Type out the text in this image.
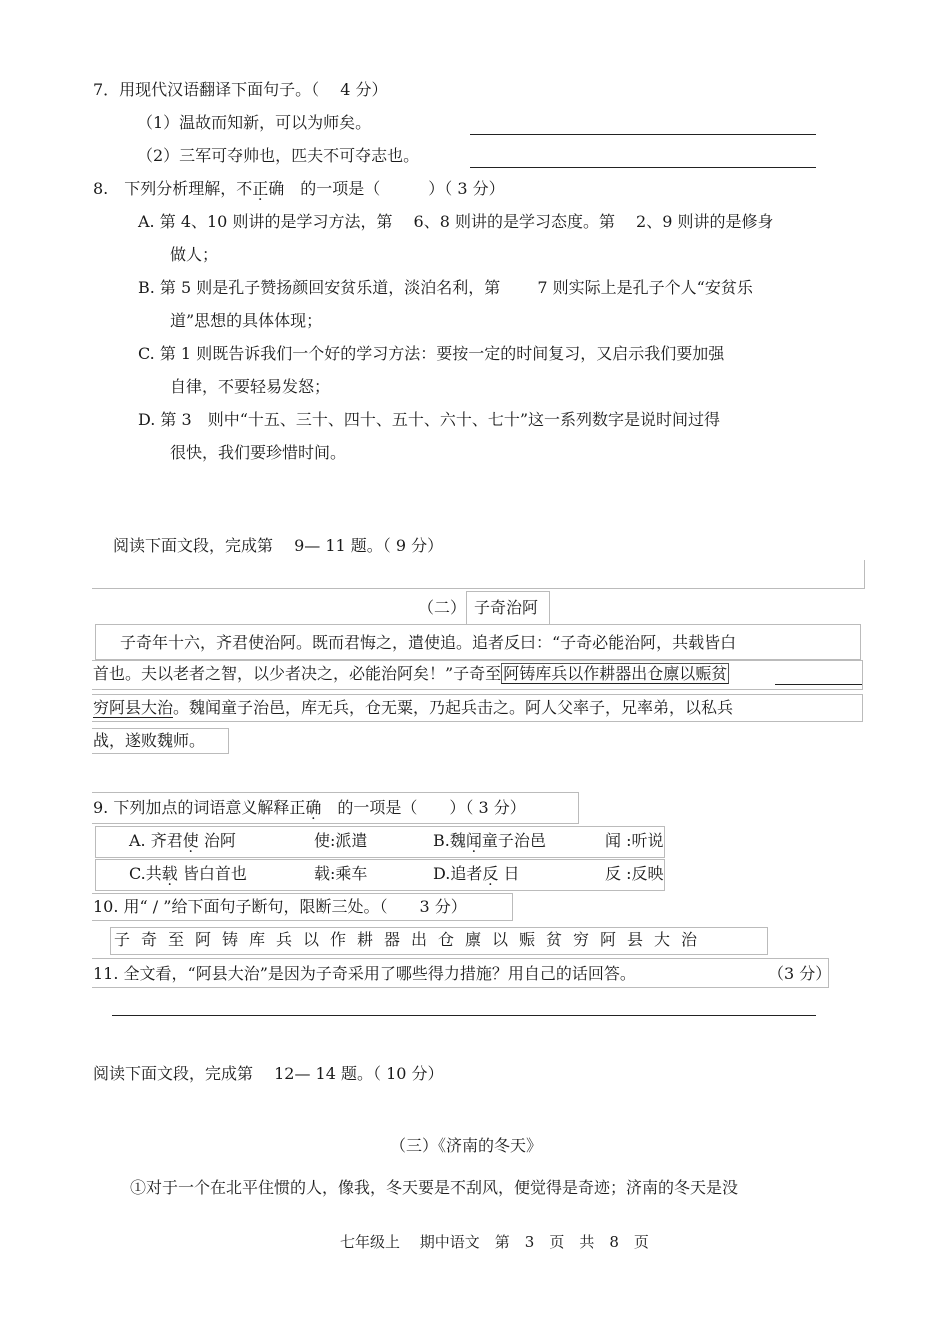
7．用现代汉语翻译下面句子。（　 4 分）
（1）温故而知新，可以为师矣。
（2）三军可夺帅也，匹夫不可夺志也。
8.　下列分析理解，不正确　的一项是（　　　）（ 3 分）
A. 第 4、10 则讲的是学习方法，第　 6、8 则讲的是学习态度。第　 2、9 则讲的是修身
做人；
B. 第 5 则是孔子赞扬颜回安贫乐道，淡泊名利，第　　 7 则实际上是孔子个人“安贫乐
道”思想的具体体现；
C. 第 1 则既告诉我们一个好的学习方法：要按一定的时间复习，又启示我们要加强
自律，不要轻易发怒；
D. 第 3　则中“十五、三十、四十、五十、六十、七十”这一系列数字是说时间过得
很快，我们要珍惜时间。
阅读下面文段，完成第　 9— 11 题。（ 9 分）
（二） 子奇治阿
子奇年十六，齐君使治阿。既而君悔之，遣使追。追者反曰：“子奇必能治阿，共载皆白
首也。夫以老者之智，以少者决之，必能治阿矣！”子奇至 阿铸库兵以作耕器出仓廪以赈贫
穷阿县大治。魏闻童子治邑，库无兵，仓无粟，乃起兵击之。阿人父率子，兄率弟，以私兵
战，遂败魏师。
9. 下列加点的词语意义解释正确　的一项是（　　）（ 3 分）
A. 齐君使 治阿	使:派遣	B.魏闻童子治邑	闻 :听说
C.共载 皆白首也	载:乘车	D.追者反 日	反 :反映
10. 用“ / ”给下面句子断句，限断三处。（　　3 分）
子奇至阿铸库兵以作耕器出仓廪以赈贫穷阿县大治
11. 全文看，“阿县大治”是因为子奇采用了哪些得力措施？用自己的话回答。	（3 分）
阅读下面文段，完成第　 12— 14 题。（ 10 分）
（三）《济南的冬天》
①对于一个在北平住惯的人，像我，冬天要是不刮风，便觉得是奇迹；济南的冬天是没
七年级上　 期中语文　第　3　页　共　8　页
